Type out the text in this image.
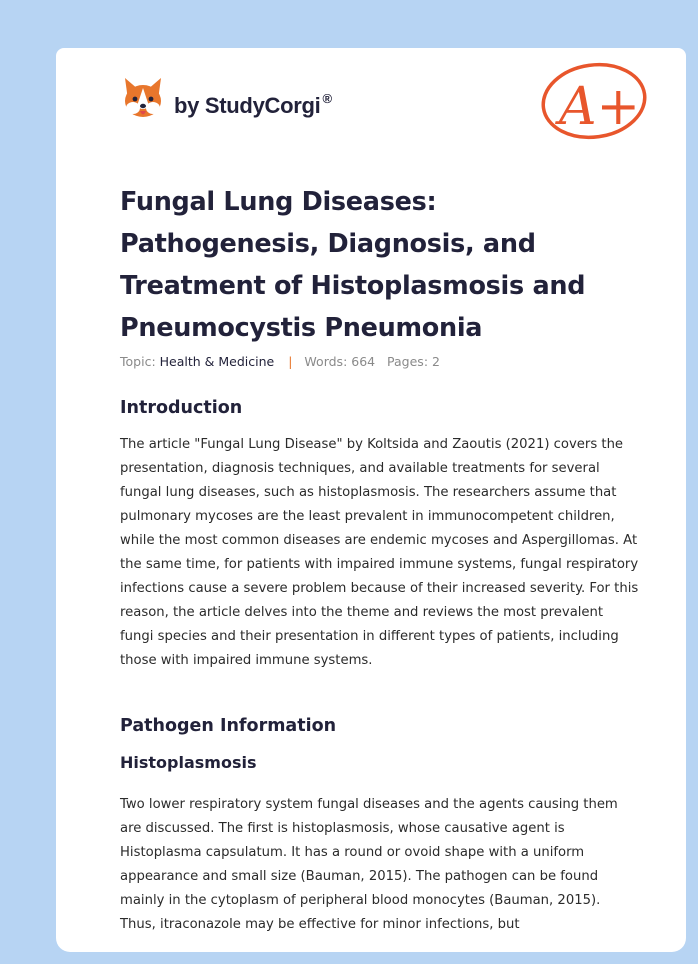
by StudyCorgi ®	A+
Fungal Lung Diseases: Pathogenesis, Diagnosis, and Treatment of Histoplasmosis and Pneumocystis Pneumonia
Topic: Health & Medicine | Words: 664 Pages: 2
Introduction

The article "Fungal Lung Disease" by Koltsida and Zaoutis (2021) covers the presentation, diagnosis techniques, and available treatments for several fungal lung diseases, such as histoplasmosis. The researchers assume that pulmonary mycoses are the least prevalent in immunocompetent children, while the most common diseases are endemic mycoses and Aspergillomas. At the same time, for patients with impaired immune systems, fungal respiratory infections cause a severe problem because of their increased severity. For this reason, the article delves into the theme and reviews the most prevalent fungi species and their presentation in different types of patients, including those with impaired immune systems.

Pathogen Information
Histoplasmosis

Two lower respiratory system fungal diseases and the agents causing them are discussed. The first is histoplasmosis, whose causative agent is Histoplasma capsulatum. It has a round or ovoid shape with a uniform appearance and small size (Bauman, 2015). The pathogen can be found mainly in the cytoplasm of peripheral blood monocytes (Bauman, 2015). Thus, itraconazole may be effective for minor infections, but
